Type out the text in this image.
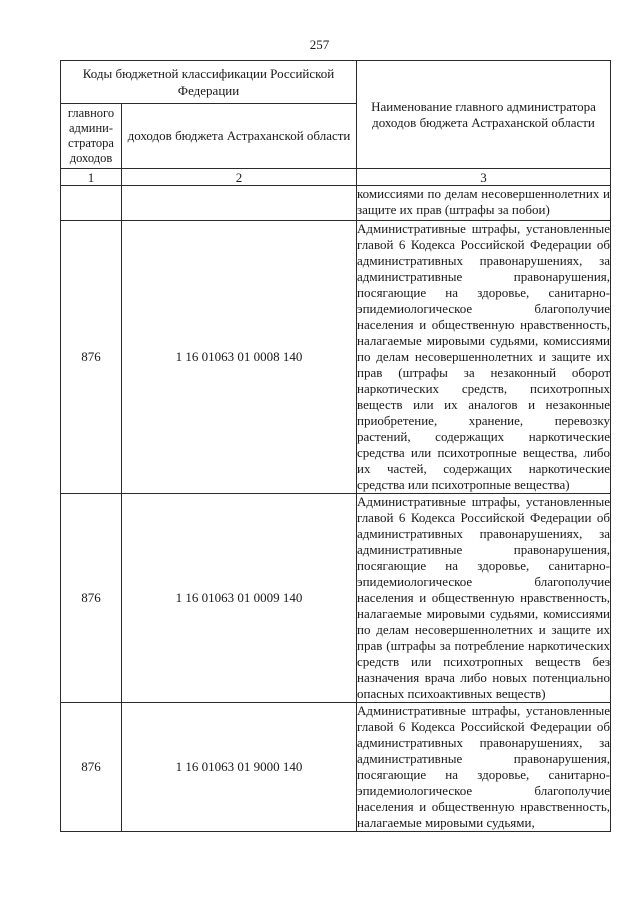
257
Коды бюджетной классификации Российской Федерации		Наименование главного администратора доходов бюджета Астраханской области
главного админи-стратора доходов	доходов бюджета Астраханской области	
1	2	3
		комиссиями по делам несовершеннолетних и защите их прав (штрафы за побои)
876	1 16 01063 01 0008 140	Административные штрафы, установленные главой 6 Кодекса Российской Федерации об административных правонарушениях, за административные правонарушения, посягающие на здоровье, санитарно-эпидемиологическое благополучие населения и общественную нравственность, налагаемые мировыми судьями, комиссиями по делам несовершеннолетних и защите их прав (штрафы за незаконный оборот наркотических средств, психотропных веществ или их аналогов и незаконные приобретение, хранение, перевозку растений, содержащих наркотические средства или психотропные вещества, либо их частей, содержащих наркотические средства или психотропные вещества)
876	1 16 01063 01 0009 140	Административные штрафы, установленные главой 6 Кодекса Российской Федерации об административных правонарушениях, за административные правонарушения, посягающие на здоровье, санитарно-эпидемиологическое благополучие населения и общественную нравственность, налагаемые мировыми судьями, комиссиями по делам несовершеннолетних и защите их прав (штрафы за потребление наркотических средств или психотропных веществ без назначения врача либо новых потенциально опасных психоактивных веществ)
876	1 16 01063 01 9000 140	Административные штрафы, установленные главой 6 Кодекса Российской Федерации об административных правонарушениях, за административные правонарушения, посягающие на здоровье, санитарно-эпидемиологическое благополучие населения и общественную нравственность, налагаемые мировыми судьями,
